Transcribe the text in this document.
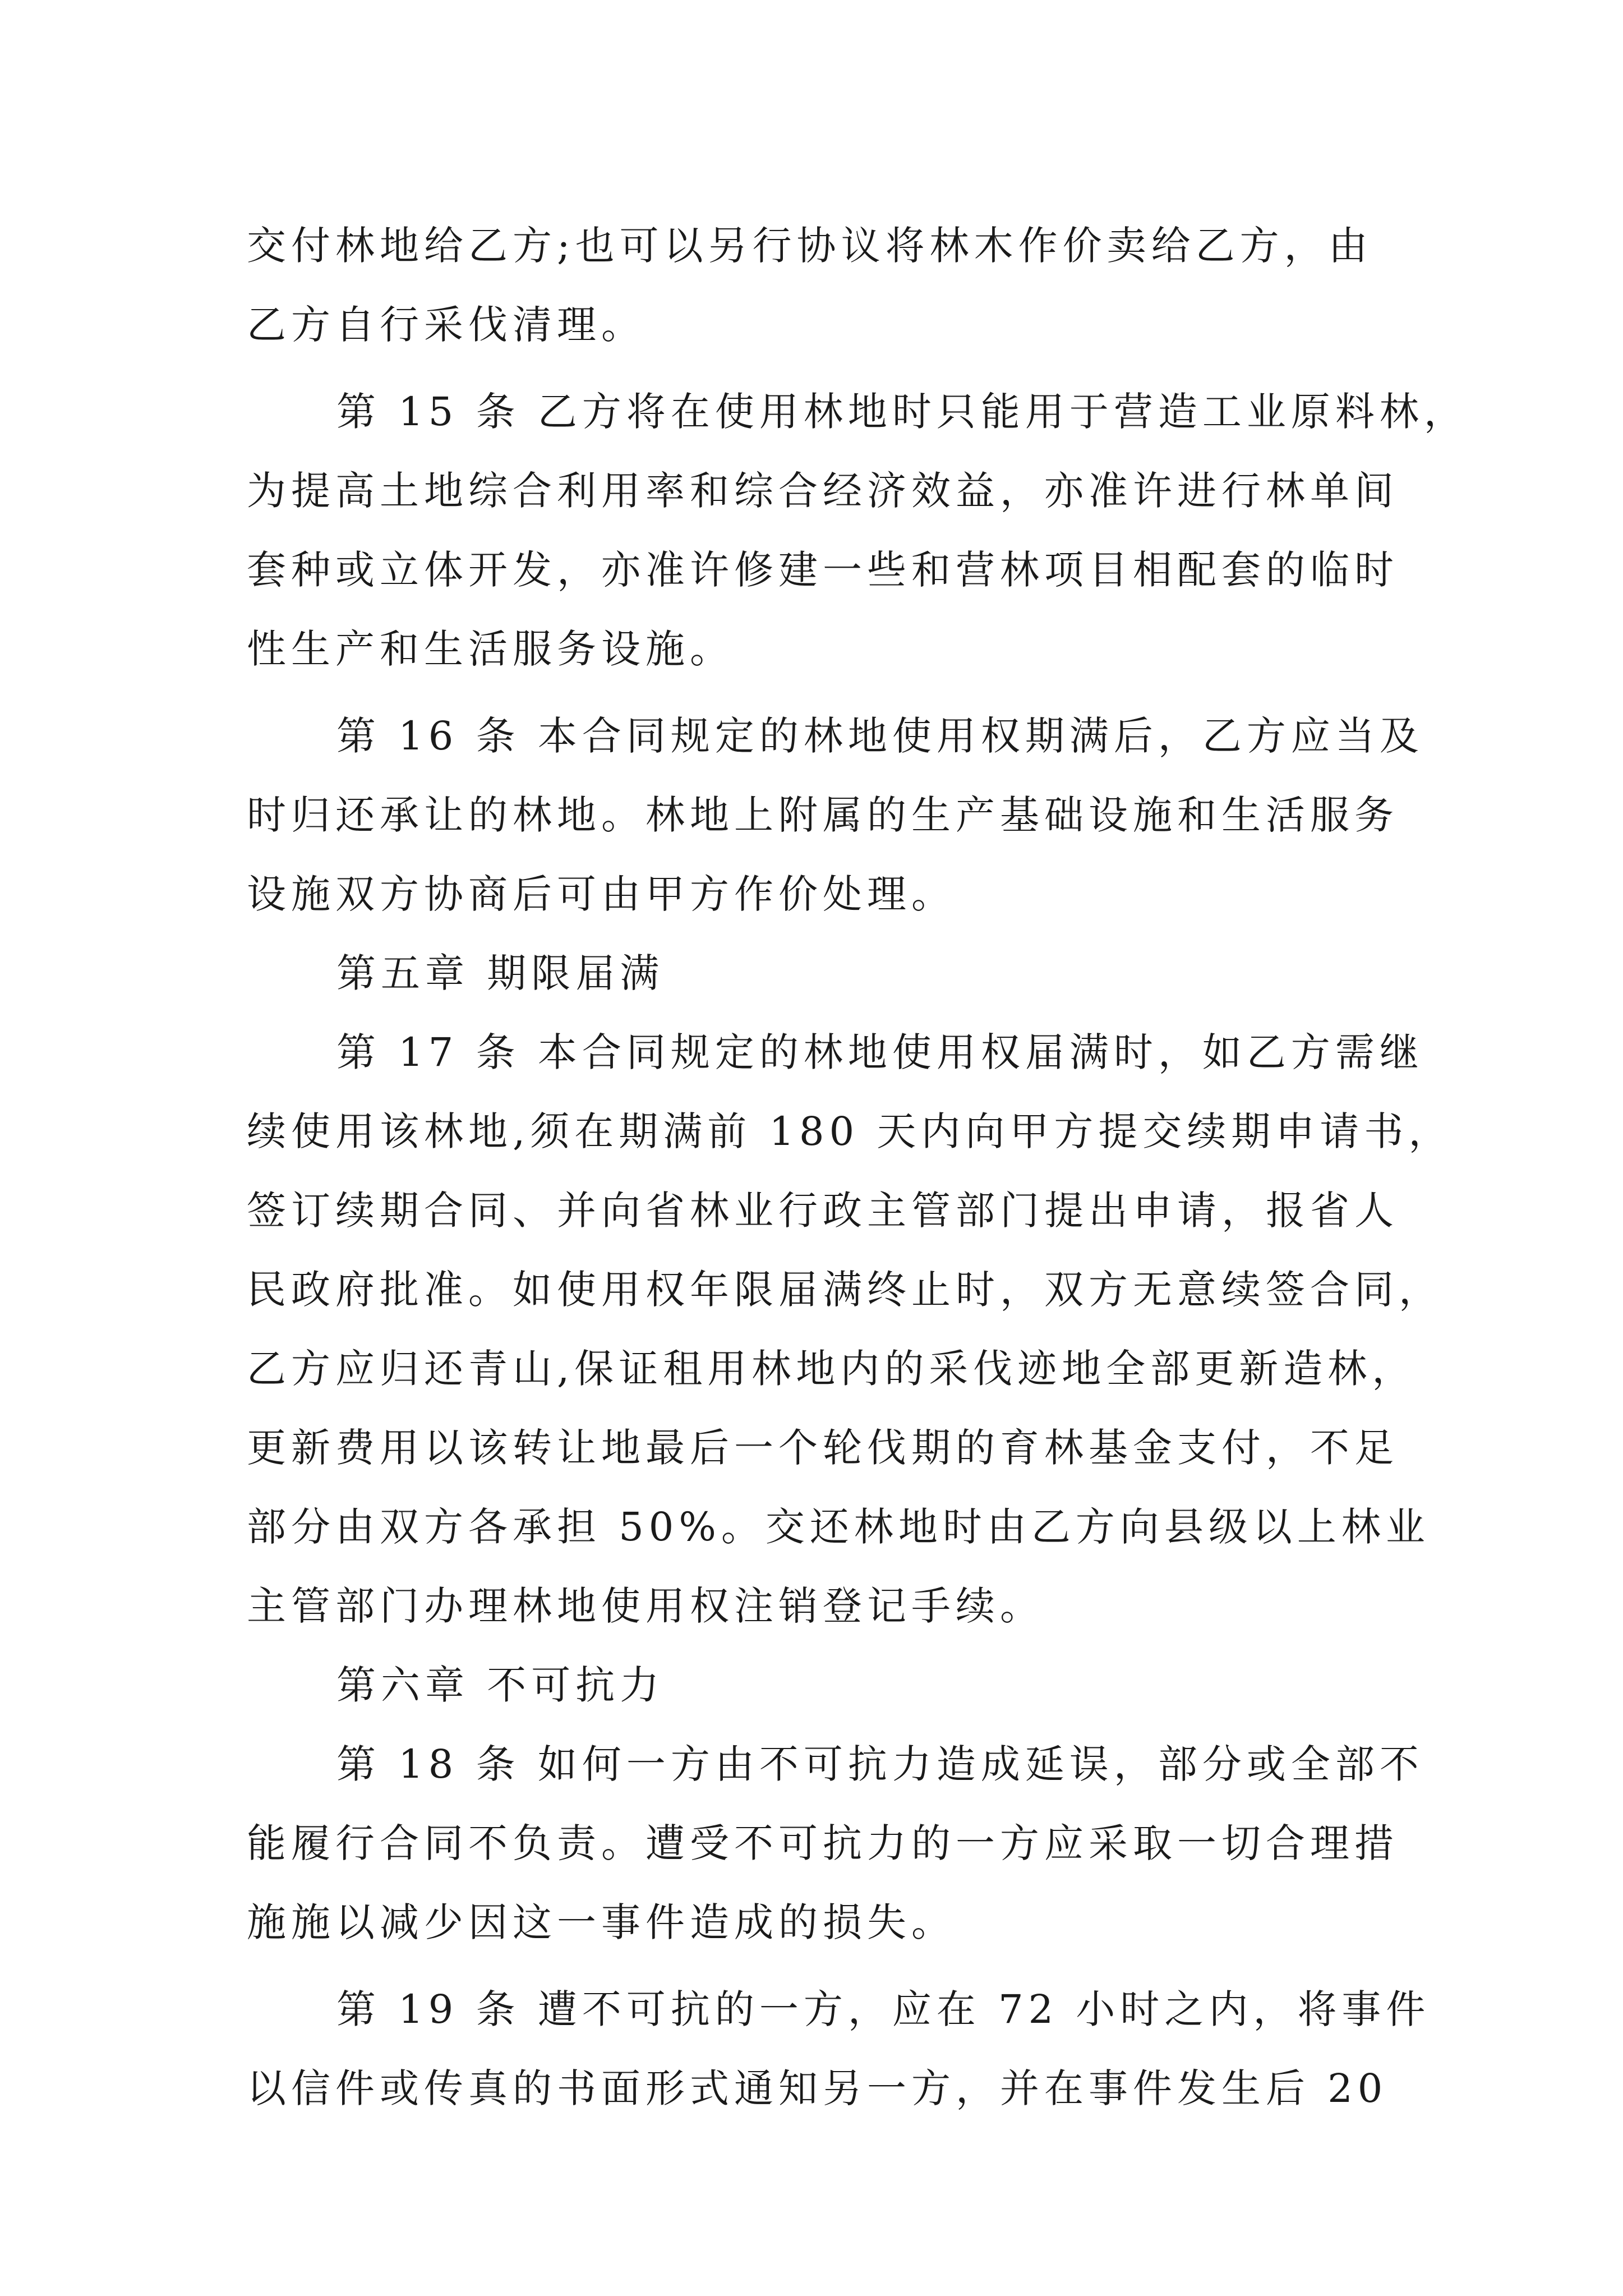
交付林地给乙方;也可以另行协议将林木作价卖给乙方，由
乙方自行采伐清理。
第 15 条 乙方将在使用林地时只能用于营造工业原料林，
为提高土地综合利用率和综合经济效益，亦准许进行林单间
套种或立体开发，亦准许修建一些和营林项目相配套的临时
性生产和生活服务设施。
第 16 条 本合同规定的林地使用权期满后，乙方应当及
时归还承让的林地。林地上附属的生产基础设施和生活服务
设施双方协商后可由甲方作价处理。
第五章 期限届满
第 17 条 本合同规定的林地使用权届满时，如乙方需继
续使用该林地,须在期满前 180 天内向甲方提交续期申请书，
签订续期合同、并向省林业行政主管部门提出申请，报省人
民政府批准。如使用权年限届满终止时，双方无意续签合同，
乙方应归还青山,保证租用林地内的采伐迹地全部更新造林，
更新费用以该转让地最后一个轮伐期的育林基金支付，不足
部分由双方各承担 50%。交还林地时由乙方向县级以上林业
主管部门办理林地使用权注销登记手续。
第六章 不可抗力
第 18 条 如何一方由不可抗力造成延误，部分或全部不
能履行合同不负责。遭受不可抗力的一方应采取一切合理措
施施以减少因这一事件造成的损失。
第 19 条 遭不可抗的一方，应在 72 小时之内，将事件
以信件或传真的书面形式通知另一方，并在事件发生后 20
